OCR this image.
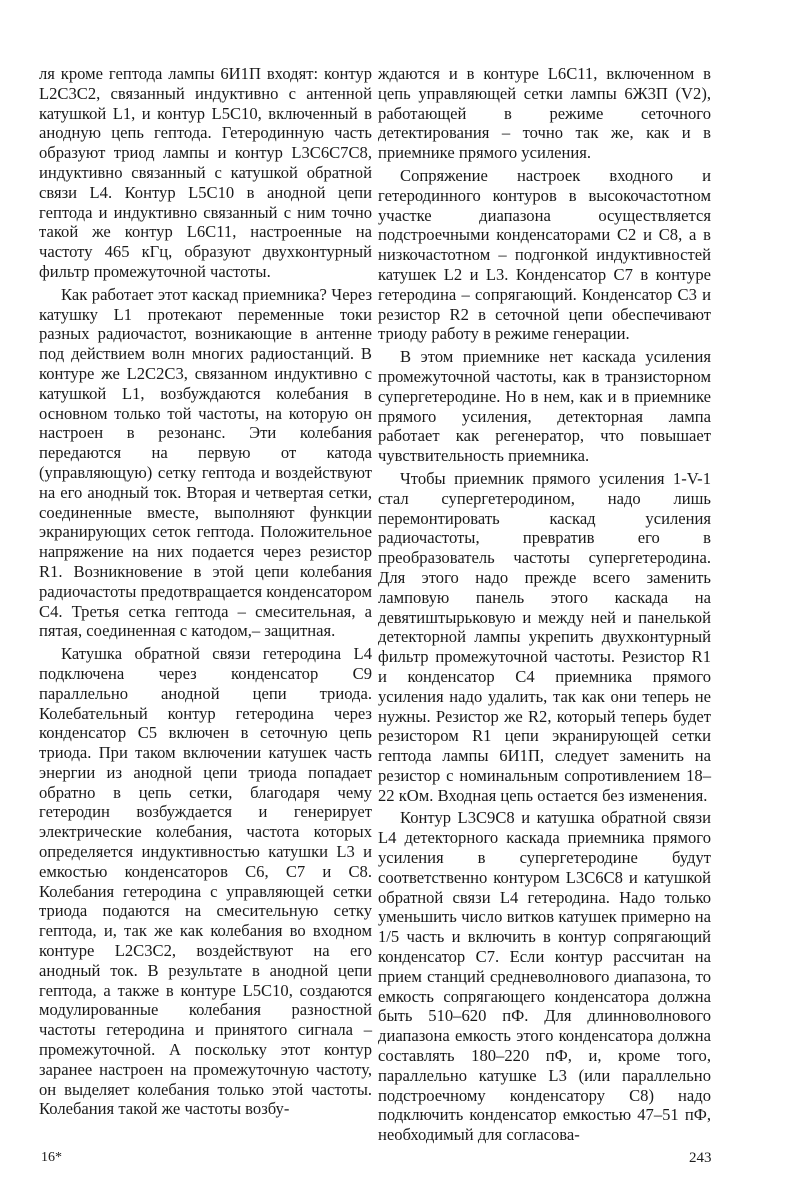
ля кроме гептода лампы 6И1П входят: контур L2C3C2, связанный индуктивно с антенной катушкой L1, и контур L5C10, включенный в анодную цепь гептода. Гетеродинную часть образуют триод лампы и контур L3C6C7C8, индуктивно связанный с катушкой обратной связи L4. Контур L5C10 в анодной цепи гептода и индуктивно связанный с ним точно такой же контур L6C11, настроенные на частоту 465 кГц, образуют двухконтурный фильтр промежуточной частоты.

Как работает этот каскад приемника? Через катушку L1 протекают переменные токи разных радиочастот, возникающие в антенне под действием волн многих радиостанций. В контуре же L2C2C3, связанном индуктивно с катушкой L1, возбуждаются колебания в основном только той частоты, на которую он настроен в резонанс. Эти колебания передаются на первую от катода (управляющую) сетку гептода и воздействуют на его анодный ток. Вторая и четвертая сетки, соединенные вместе, выполняют функции экранирующих сеток гептода. Положительное напряжение на них подается через резистор R1. Возникновение в этой цепи колебания радиочастоты предотвращается конденсатором C4. Третья сетка гептода – смесительная, а пятая, соединенная с катодом,– защитная.

Катушка обратной связи гетеродина L4 подключена через конденсатор C9 параллельно анодной цепи триода. Колебательный контур гетеродина через конденсатор C5 включен в сеточную цепь триода. При таком включении катушек часть энергии из анодной цепи триода попадает обратно в цепь сетки, благодаря чему гетеродин возбуждается и генерирует электрические колебания, частота которых определяется индуктивностью катушки L3 и емкостью конденсаторов C6, C7 и C8. Колебания гетеродина с управляющей сетки триода подаются на смесительную сетку гептода, и, так же как колебания во входном контуре L2C3C2, воздействуют на его анодный ток. В результате в анодной цепи гептода, а также в контуре L5C10, создаются модулированные колебания разностной частоты гетеродина и принятого сигнала – промежуточной. А поскольку этот контур заранее настроен на промежуточную частоту, он выделяет колебания только этой частоты. Колебания такой же частоты возбу-

ждаются и в контуре L6C11, включенном в цепь управляющей сетки лампы 6Ж3П (V2), работающей в режиме сеточного детектирования – точно так же, как и в приемнике прямого усиления.

Сопряжение настроек входного и гетеродинного контуров в высокочастотном участке диапазона осуществляется подстроечными конденсаторами C2 и C8, а в низкочастотном – подгонкой индуктивностей катушек L2 и L3. Конденсатор C7 в контуре гетеродина – сопрягающий. Конденсатор C3 и резистор R2 в сеточной цепи обеспечивают триоду работу в режиме генерации.

В этом приемнике нет каскада усиления промежуточной частоты, как в транзисторном супергетеродине. Но в нем, как и в приемнике прямого усиления, детекторная лампа работает как регенератор, что повышает чувствительность приемника.

Чтобы приемник прямого усиления 1-V-1 стал супергетеродином, надо лишь перемонтировать каскад усиления радиочастоты, превратив его в преобразователь частоты супергетеродина. Для этого надо прежде всего заменить ламповую панель этого каскада на девятиштырьковую и между ней и панелькой детекторной лампы укрепить двухконтурный фильтр промежуточной частоты. Резистор R1 и конденсатор C4 приемника прямого усиления надо удалить, так как они теперь не нужны. Резистор же R2, который теперь будет резистором R1 цепи экранирующей сетки гептода лампы 6И1П, следует заменить на резистор с номинальным сопротивлением 18–22 кОм. Входная цепь остается без изменения.

Контур L3C9C8 и катушка обратной связи L4 детекторного каскада приемника прямого усиления в супергетеродине будут соответственно контуром L3C6C8 и катушкой обратной связи L4 гетеродина. Надо только уменьшить число витков катушек примерно на 1/5 часть и включить в контур сопрягающий конденсатор C7. Если контур рассчитан на прием станций средневолнового диапазона, то емкость сопрягающего конденсатора должна быть 510–620 пФ. Для длинноволнового диапазона емкость этого конденсатора должна составлять 180–220 пФ, и, кроме того, параллельно катушке L3 (или параллельно подстроечному конденсатору C8) надо подключить конденсатор емкостью 47–51 пФ, необходимый для согласова-

16*	243
